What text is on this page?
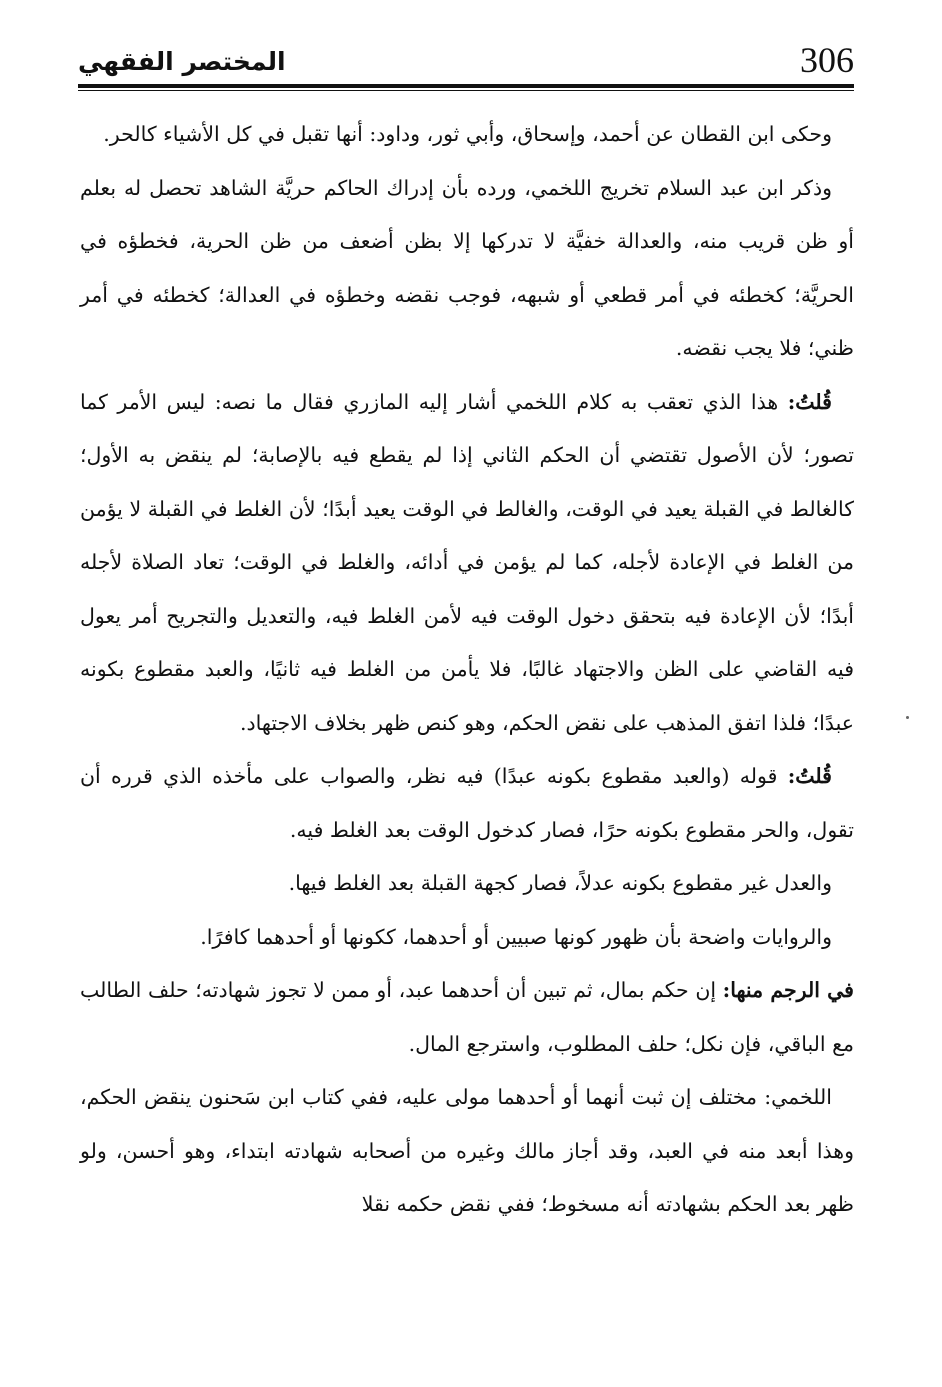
306
المختصر الفقهي

وحكى ابن القطان عن أحمد، وإسحاق، وأبي ثور، وداود: أنها تقبل في كل الأشياء كالحر.

وذكر ابن عبد السلام تخريج اللخمي، ورده بأن إدراك الحاكم حريَّة الشاهد تحصل له بعلم أو ظن قريب منه، والعدالة خفيَّة لا تدركها إلا بظن أضعف من ظن الحرية، فخطؤه في الحريَّة؛ كخطئه في أمر قطعي أو شبهه، فوجب نقضه وخطؤه في العدالة؛ كخطئه في أمر ظني؛ فلا يجب نقضه.

قُلتُ: هذا الذي تعقب به كلام اللخمي أشار إليه المازري فقال ما نصه: ليس الأمر كما تصور؛ لأن الأصول تقتضي أن الحكم الثاني إذا لم يقطع فيه بالإصابة؛ لم ينقض به الأول؛ كالغالط في القبلة يعيد في الوقت، والغالط في الوقت يعيد أبدًا؛ لأن الغلط في القبلة لا يؤمن من الغلط في الإعادة لأجله، كما لم يؤمن في أدائه، والغلط في الوقت؛ تعاد الصلاة لأجله أبدًا؛ لأن الإعادة فيه بتحقق دخول الوقت فيه لأمن الغلط فيه، والتعديل والتجريح أمر يعول فيه القاضي على الظن والاجتهاد غالبًا، فلا يأمن من الغلط فيه ثانيًا، والعبد مقطوع بكونه عبدًا؛ فلذا اتفق المذهب على نقض الحكم، وهو كنص ظهر بخلاف الاجتهاد.

قُلتُ: قوله (والعبد مقطوع بكونه عبدًا) فيه نظر، والصواب على مأخذه الذي قرره أن تقول، والحر مقطوع بكونه حرًا، فصار كدخول الوقت بعد الغلط فيه.

والعدل غير مقطوع بكونه عدلاً، فصار كجهة القبلة بعد الغلط فيها.

والروايات واضحة بأن ظهور كونها صبيين أو أحدهما، ككونها أو أحدهما كافرًا.

في الرجم منها: إن حكم بمال، ثم تبين أن أحدهما عبد، أو ممن لا تجوز شهادته؛ حلف الطالب مع الباقي، فإن نكل؛ حلف المطلوب، واسترجع المال.

اللخمي: مختلف إن ثبت أنهما أو أحدهما مولى عليه، ففي كتاب ابن سَحنون ينقض الحكم، وهذا أبعد منه في العبد، وقد أجاز مالك وغيره من أصحابه شهادته ابتداء، وهو أحسن، ولو ظهر بعد الحكم بشهادته أنه مسخوط؛ ففي نقض حكمه نقلا
